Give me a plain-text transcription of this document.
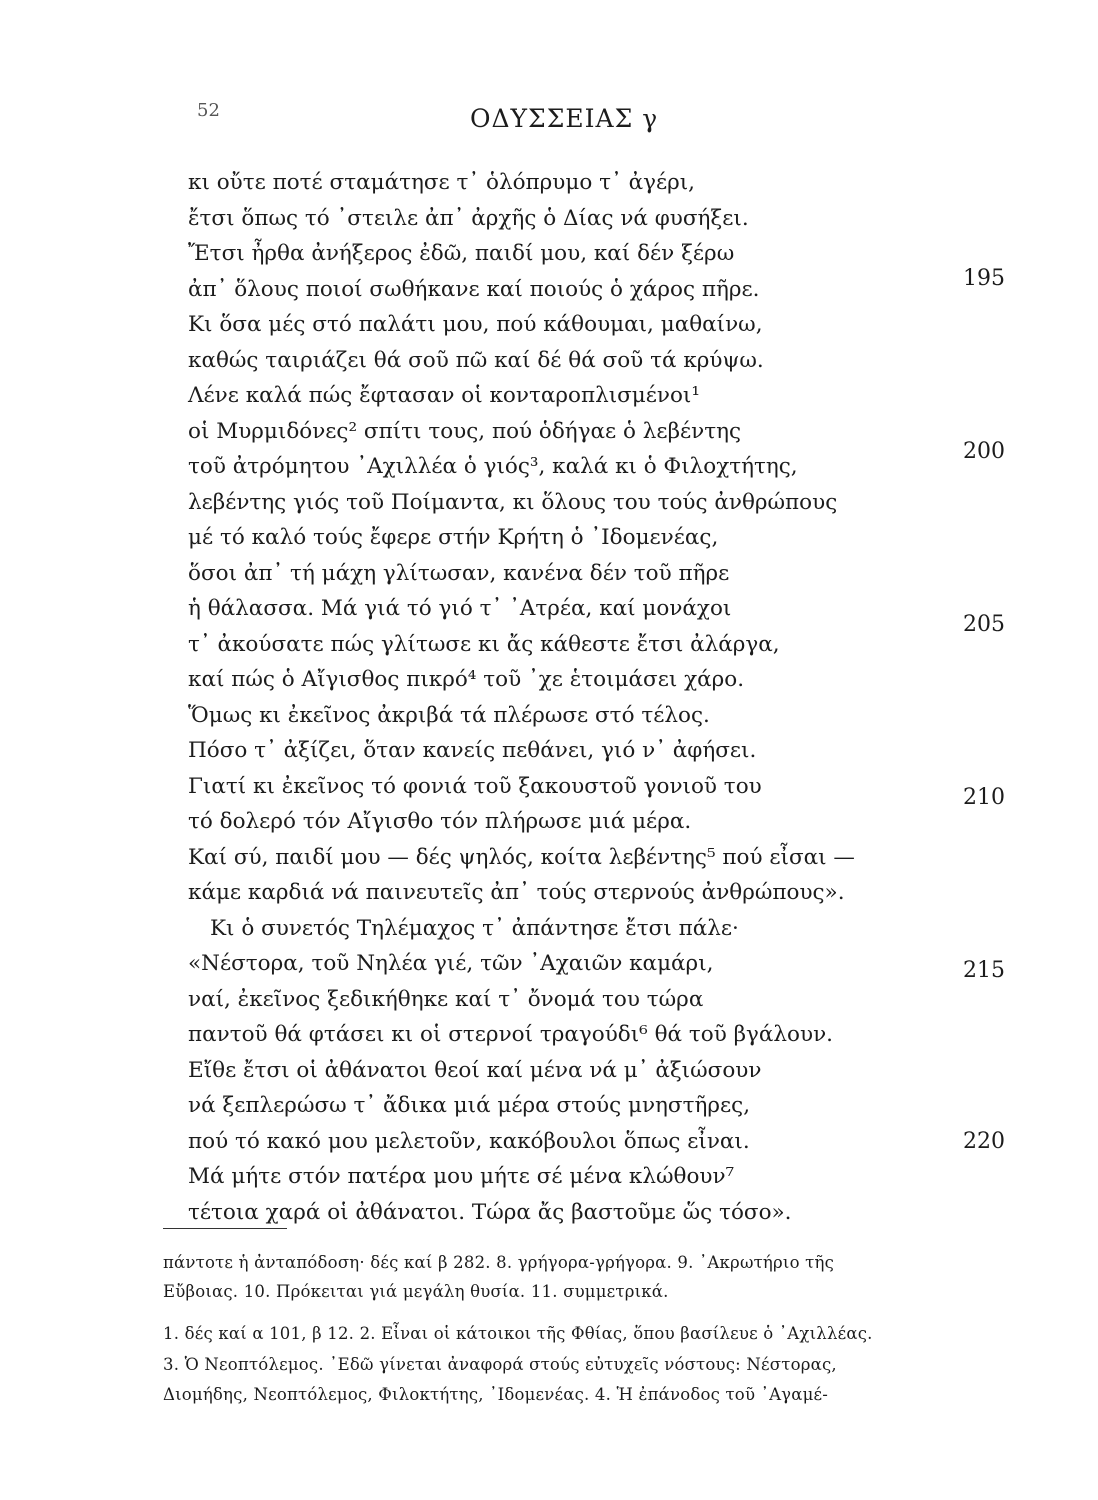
52	ΟΔΥΣΣΕΙΑΣ γ
κι οὔτε ποτέ σταμάτησε τ᾽ ὁλόπρυμο τ᾽ ἀγέρι,
ἔτσι ὅπως τό ᾽στειλε ἀπ᾽ ἀρχῆς ὁ Δίας νά φυσήξει.
Ἔτσι ἦρθα ἀνήξερος ἐδῶ, παιδί μου, καί δέν ξέρω
ἀπ᾽ ὅλους ποιοί σωθήκανε καί ποιούς ὁ χάρος πῆρε.
Κι ὅσα μές στό παλάτι μου, πού κάθουμαι, μαθαίνω,
καθώς ταιριάζει θά σοῦ πῶ καί δέ θά σοῦ τά κρύψω.
Λένε καλά πώς ἔφτασαν οἱ κονταροπλισμένοι¹
οἱ Μυρμιδόνες² σπίτι τους, πού ὁδήγαε ὁ λεβέντης
τοῦ ἀτρόμητου ᾽Αχιλλέα ὁ γιός³, καλά κι ὁ Φιλοχτήτης,
λεβέντης γιός τοῦ Ποίμαντα, κι ὅλους του τούς ἀνθρώπους
μέ τό καλό τούς ἔφερε στήν Κρήτη ὁ ᾽Ιδομενέας,
ὅσοι ἀπ᾽ τή μάχη γλίτωσαν, κανένα δέν τοῦ πῆρε
ἡ θάλασσα. Μά γιά τό γιό τ᾽ ᾽Ατρέα, καί μονάχοι
τ᾽ ἀκούσατε πώς γλίτωσε κι ἄς κάθεστε ἔτσι ἀλάργα,
καί πώς ὁ Αἴγισθος πικρό⁴ τοῦ ᾽χε ἑτοιμάσει χάρο.
Ὅμως κι ἐκεῖνος ἀκριβά τά πλέρωσε στό τέλος.
Πόσο τ᾽ ἀξίζει, ὅταν κανείς πεθάνει, γιό ν᾽ ἀφήσει.
Γιατί κι ἐκεῖνος τό φονιά τοῦ ξακουστοῦ γονιοῦ του
τό δολερό τόν Αἴγισθο τόν πλήρωσε μιά μέρα.
Καί σύ, παιδί μου — δές ψηλός, κοίτα λεβέντης⁵ πού εἶσαι —
κάμε καρδιά νά παινευτεῖς ἀπ᾽ τούς στερνούς ἀνθρώπους».
Κι ὁ συνετός Τηλέμαχος τ᾽ ἀπάντησε ἔτσι πάλε·
«Νέστορα, τοῦ Νηλέα γιέ, τῶν ᾽Αχαιῶν καμάρι,
ναί, ἐκεῖνος ξεδικήθηκε καί τ᾽ ὄνομά του τώρα
παντοῦ θά φτάσει κι οἱ στερνοί τραγούδι⁶ θά τοῦ βγάλουν.
Εἴθε ἔτσι οἱ ἀθάνατοι θεοί καί μένα νά μ᾽ ἀξιώσουν
νά ξεπλερώσω τ᾽ ἄδικα μιά μέρα στούς μνηστῆρες,
πού τό κακό μου μελετοῦν, κακόβουλοι ὅπως εἶναι.
Μά μήτε στόν πατέρα μου μήτε σέ μένα κλώθουν⁷
τέτοια χαρά οἱ ἀθάνατοι. Τώρα ἄς βαστοῦμε ὥς τόσο».
195
200
205
210
215
220
πάντοτε ἡ ἀνταπόδοση· δές καί β 282. 8. γρήγορα-γρήγορα. 9. ᾽Ακρωτήριο τῆς
Εὔβοιας. 10. Πρόκειται γιά μεγάλη θυσία. 11. συμμετρικά.
1. δές καί α 101, β 12. 2. Εἶναι οἱ κάτοικοι τῆς Φθίας, ὅπου βασίλευε ὁ ᾽Αχιλλέας.
3. Ὁ Νεοπτόλεμος. ᾽Εδῶ γίνεται ἀναφορά στούς εὐτυχεῖς νόστους: Νέστορας,
Διομήδης, Νεοπτόλεμος, Φιλοκτήτης, ᾽Ιδομενέας. 4. Ἡ ἐπάνοδος τοῦ ᾽Αγαμέ-
